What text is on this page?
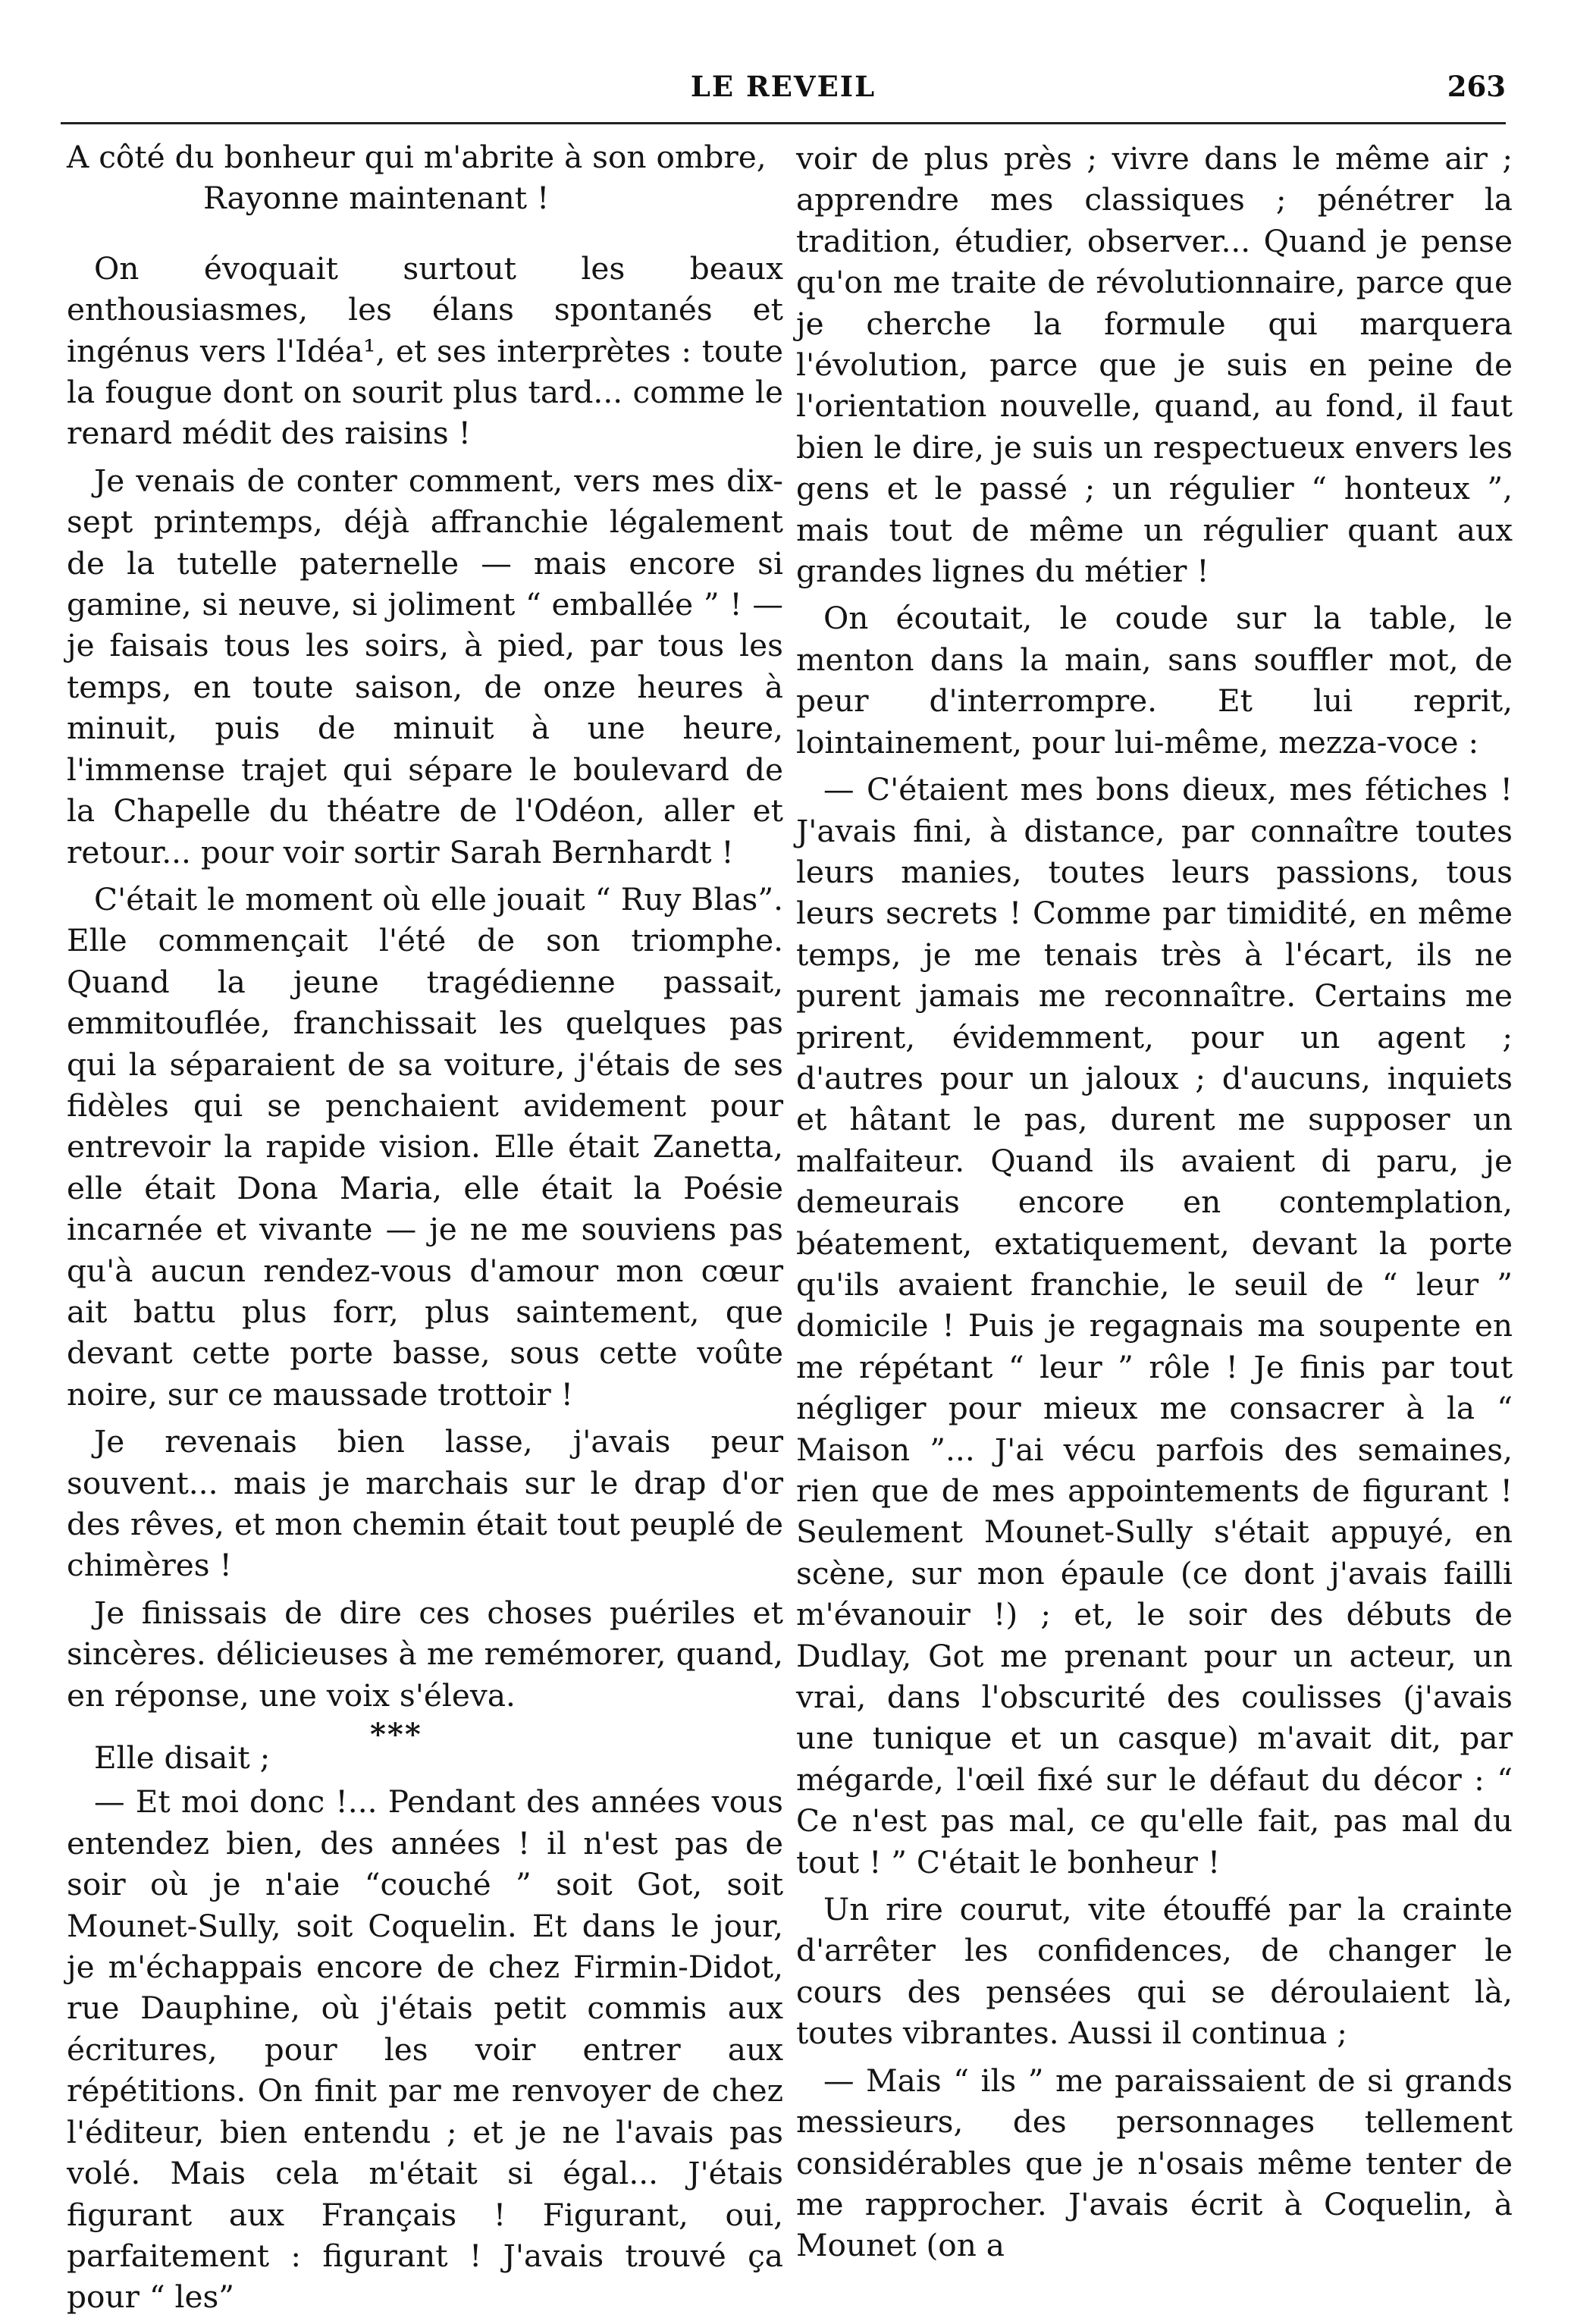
LE REVEIL	263
A côté du bonheur qui m'abrite à son ombre,
Rayonne maintenant !

On évoquait surtout les beaux enthousiasmes, les élans spontanés et ingénus vers l'Idéa¹, et ses interprètes : toute la fougue dont on sourit plus tard... comme le renard médit des raisins !

Je venais de conter comment, vers mes dix-sept printemps, déjà affranchie légalement de la tutelle paternelle — mais encore si gamine, si neuve, si joliment “ emballée ” ! — je faisais tous les soirs, à pied, par tous les temps, en toute saison, de onze heures à minuit, puis de minuit à une heure, l'immense trajet qui sépare le boulevard de la Chapelle du théatre de l'Odéon, aller et retour... pour voir sortir Sarah Bernhardt !

C'était le moment où elle jouait “ Ruy Blas”. Elle commençait l'été de son triomphe. Quand la jeune tragédienne passait, emmitouflée, franchissait les quelques pas qui la séparaient de sa voiture, j'étais de ses fidèles qui se penchaient avidement pour entrevoir la rapide vision. Elle était Zanetta, elle était Dona Maria, elle était la Poésie incarnée et vivante — je ne me souviens pas qu'à aucun rendez-vous d'amour mon cœur ait battu plus forr, plus saintement, que devant cette porte basse, sous cette voûte noire, sur ce maussade trottoir !

Je revenais bien lasse, j'avais peur souvent... mais je marchais sur le drap d'or des rêves, et mon chemin était tout peuplé de chimères !

Je finissais de dire ces choses puériles et sincères. délicieuses à me remémorer, quand, en réponse, une voix s'éleva.

***
Elle disait ;

— Et moi donc !... Pendant des années vous entendez bien, des années ! il n'est pas de soir où je n'aie “couché ” soit Got, soit Mounet-Sully, soit Coquelin. Et dans le jour, je m'échappais encore de chez Firmin-Didot, rue Dauphine, où j'étais petit commis aux écritures, pour les voir entrer aux répétitions. On finit par me renvoyer de chez l'éditeur, bien entendu ; et je ne l'avais pas volé. Mais cela m'était si égal... J'étais figurant aux Français ! Figurant, oui, parfaitement : figurant ! J'avais trouvé ça pour “ les”

voir de plus près ; vivre dans le même air ; apprendre mes classiques ; pénétrer la tradition, étudier, observer... Quand je pense qu'on me traite de révolutionnaire, parce que je cherche la formule qui marquera l'évolution, parce que je suis en peine de l'orientation nouvelle, quand, au fond, il faut bien le dire, je suis un respectueux envers les gens et le passé ; un régulier “ honteux ”, mais tout de même un régulier quant aux grandes lignes du métier !

On écoutait, le coude sur la table, le menton dans la main, sans souffler mot, de peur d'interrompre. Et lui reprit, lointainement, pour lui-même, mezza-voce :

— C'étaient mes bons dieux, mes fétiches ! J'avais fini, à distance, par connaître toutes leurs manies, toutes leurs passions, tous leurs secrets ! Comme par timidité, en même temps, je me tenais très à l'écart, ils ne purent jamais me reconnaître. Certains me prirent, évidemment, pour un agent ; d'autres pour un jaloux ; d'aucuns, inquiets et hâtant le pas, durent me supposer un malfaiteur. Quand ils avaient di paru, je demeurais encore en contemplation, béatement, extatiquement, devant la porte qu'ils avaient franchie, le seuil de “ leur ” domicile ! Puis je regagnais ma soupente en me répétant “ leur ” rôle ! Je finis par tout négliger pour mieux me consacrer à la “ Maison ”... J'ai vécu parfois des semaines, rien que de mes appointements de figurant ! Seulement Mounet-Sully s'était appuyé, en scène, sur mon épaule (ce dont j'avais failli m'évanouir !) ; et, le soir des débuts de Dudlay, Got me prenant pour un acteur, un vrai, dans l'obscurité des coulisses (j'avais une tunique et un casque) m'avait dit, par mégarde, l'œil fixé sur le défaut du décor : “ Ce n'est pas mal, ce qu'elle fait, pas mal du tout ! ” C'était le bonheur !

Un rire courut, vite étouffé par la crainte d'arrêter les confidences, de changer le cours des pensées qui se déroulaient là, toutes vibrantes. Aussi il continua ;

— Mais “ ils ” me paraissaient de si grands messieurs, des personnages tellement considérables que je n'osais même tenter de me rapprocher. J'avais écrit à Coquelin, à Mounet (on a
